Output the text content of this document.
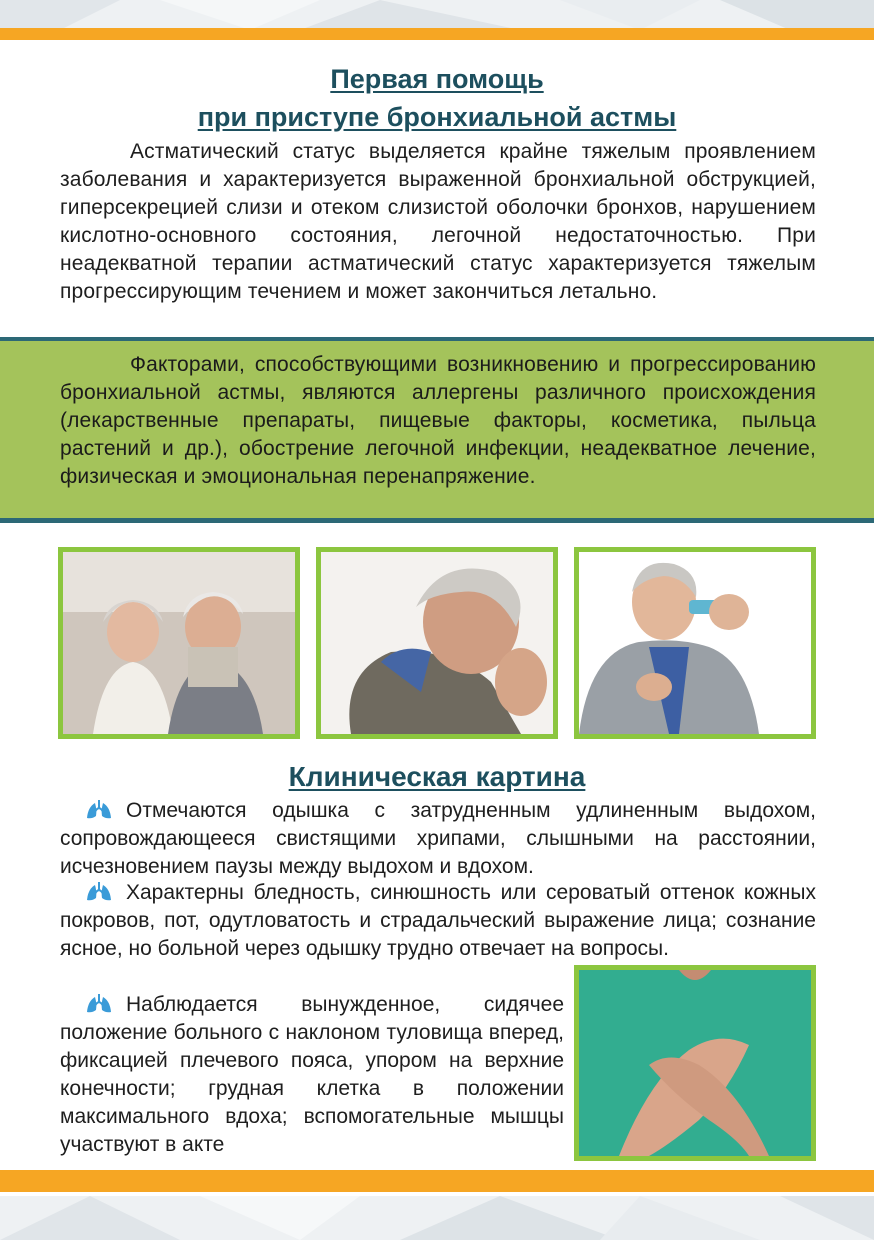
Первая помощь
при приступе бронхиальной астмы
Астматический статус выделяется крайне тяжелым проявлением заболевания и характеризуется выраженной бронхиальной обструкцией, гиперсекрецией слизи и отеком слизистой оболочки бронхов, нарушением кислотно-основного состояния, легочной недостаточностью. При неадекватной терапии астматический статус характеризуется тяжелым прогрессирующим течением и может закончиться летально.
Факторами, способствующими возникновению и прогрессированию бронхиальной астмы, являются аллергены различного происхождения (лекарственные препараты, пищевые факторы, косметика, пыльца растений и др.), обострение легочной инфекции, неадекватное лечение, физическая и эмоциональная перенапряжение.
Клиническая картина
Отмечаются одышка с затрудненным удлиненным выдохом, сопровождающееся свистящими хрипами, слышными на расстоянии, исчезновением паузы между выдохом и вдохом.
Характерны бледность, синюшность или сероватый оттенок кожных покровов, пот, одутловатость и страдальческий выражение лица; сознание ясное, но больной через одышку трудно отвечает на вопросы.
Наблюдается вынужденное, сидячее положение больного с наклоном туловища вперед, фиксацией плечевого пояса, упором на верхние конечности; грудная клетка в положении максимального вдоха; вспомогательные мышцы участвуют в акте
